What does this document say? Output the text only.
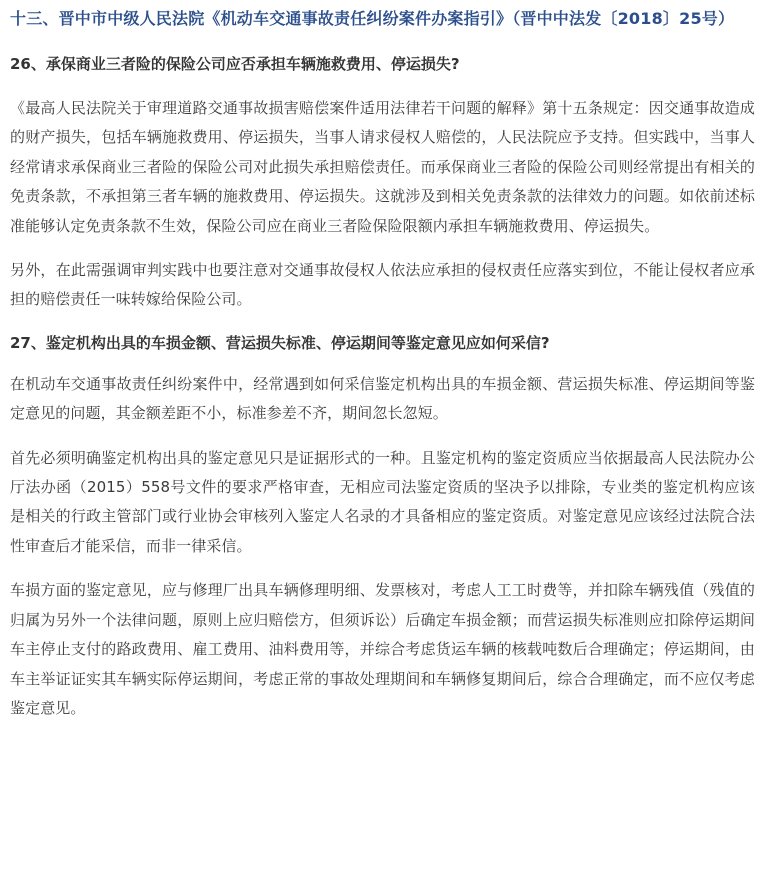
十三、晋中市中级人民法院《机动车交通事故责任纠纷案件办案指引》（晋中中法发〔2018〕25号）
26、承保商业三者险的保险公司应否承担车辆施救费用、停运损失?

《最高人民法院关于审理道路交通事故损害赔偿案件适用法律若干问题的解释》第十五条规定：因交通事故造成的财产损失，包括车辆施救费用、停运损失，当事人请求侵权人赔偿的，人民法院应予支持。但实践中，当事人经常请求承保商业三者险的保险公司对此损失承担赔偿责任。而承保商业三者险的保险公司则经常提出有相关的免责条款，不承担第三者车辆的施救费用、停运损失。这就涉及到相关免责条款的法律效力的问题。如依前述标准能够认定免责条款不生效，保险公司应在商业三者险保险限额内承担车辆施救费用、停运损失。

另外，在此需强调审判实践中也要注意对交通事故侵权人依法应承担的侵权责任应落实到位，不能让侵权者应承担的赔偿责任一味转嫁给保险公司。

27、鉴定机构出具的车损金额、营运损失标准、停运期间等鉴定意见应如何采信?

在机动车交通事故责任纠纷案件中，经常遇到如何采信鉴定机构出具的车损金额、营运损失标准、停运期间等鉴定意见的问题，其金额差距不小，标准参差不齐，期间忽长忽短。

首先必须明确鉴定机构出具的鉴定意见只是证据形式的一种。且鉴定机构的鉴定资质应当依据最高人民法院办公厅法办函（2015）558号文件的要求严格审查，无相应司法鉴定资质的坚决予以排除，专业类的鉴定机构应该是相关的行政主管部门或行业协会审核列入鉴定人名录的才具备相应的鉴定资质。对鉴定意见应该经过法院合法性审查后才能采信，而非一律采信。

车损方面的鉴定意见，应与修理厂出具车辆修理明细、发票核对，考虑人工工时费等，并扣除车辆残值（残值的归属为另外一个法律问题，原则上应归赔偿方，但须诉讼）后确定车损金额；而营运损失标准则应扣除停运期间车主停止支付的路政费用、雇工费用、油料费用等，并综合考虑货运车辆的核载吨数后合理确定；停运期间，由车主举证证实其车辆实际停运期间，考虑正常的事故处理期间和车辆修复期间后，综合合理确定，而不应仅考虑鉴定意见。
